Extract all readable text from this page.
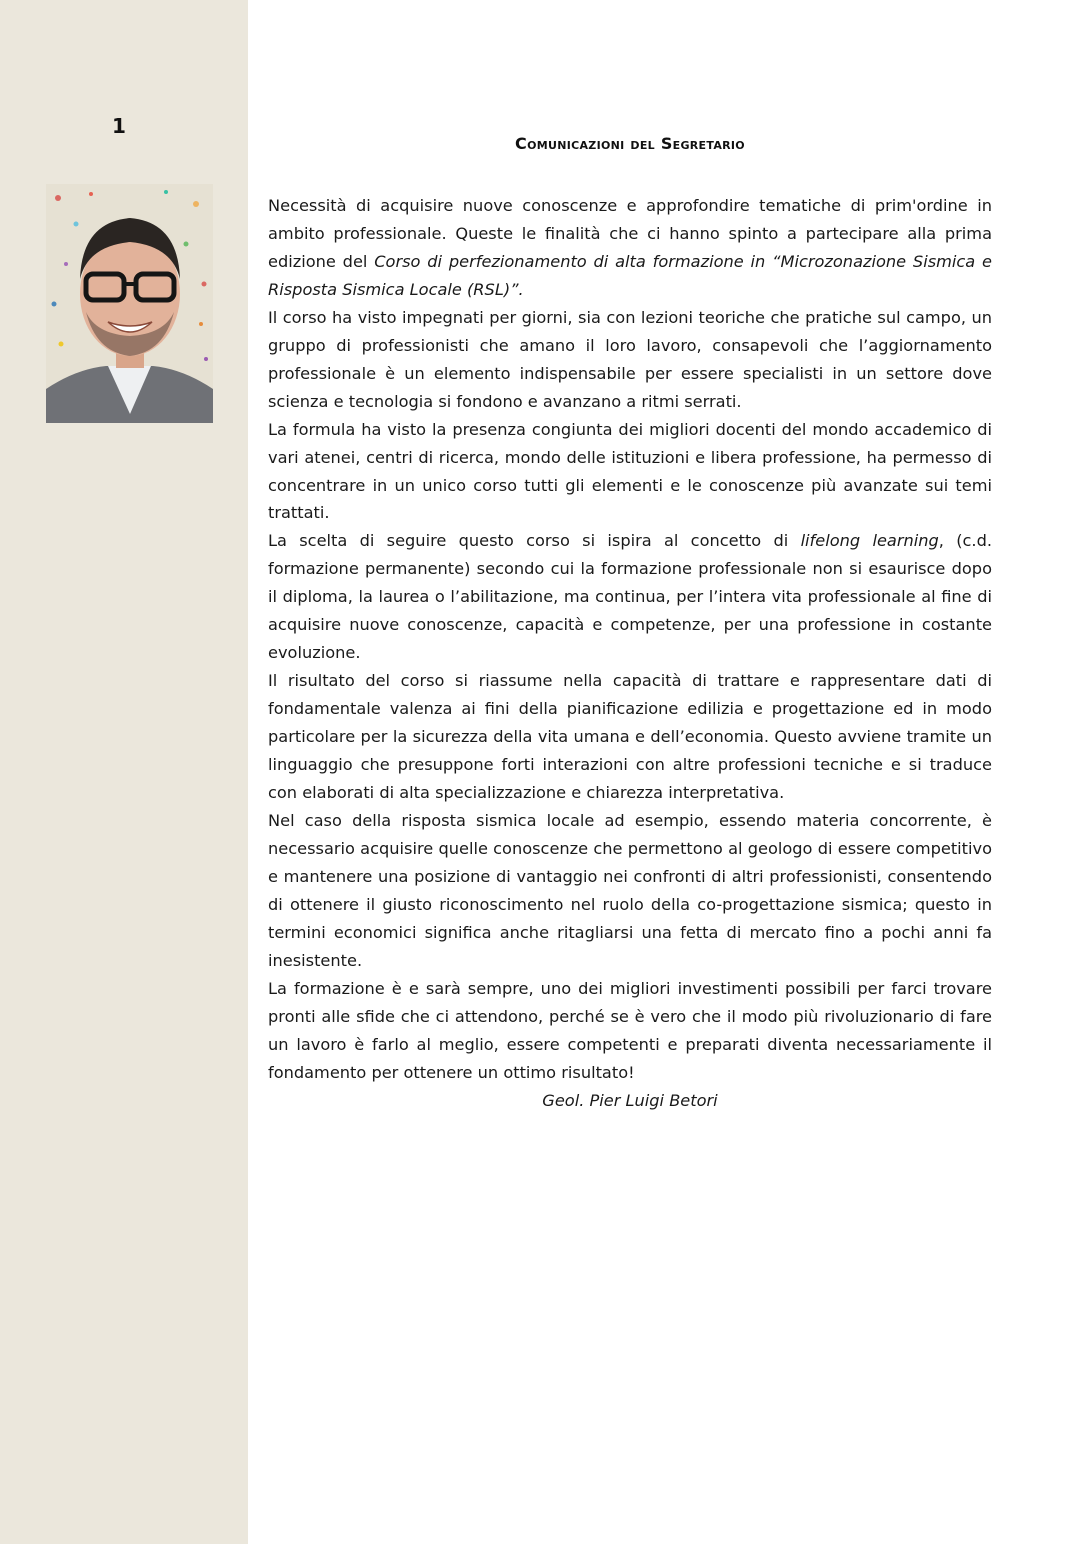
1
Comunicazioni del Segretario

Necessità di acquisire nuove conoscenze e approfondire tematiche di prim'ordine in ambito professionale. Queste le finalità che ci hanno spinto a partecipare alla prima edizione del Corso di perfezionamento di alta formazione in “Microzonazione Sismica e Risposta Sismica Locale (RSL)”.

Il corso ha visto impegnati per giorni, sia con lezioni teoriche che pratiche sul campo, un gruppo di professionisti che amano il loro lavoro, consapevoli che l’aggiornamento professionale è un elemento indispensabile per essere specialisti in un settore dove scienza e tecnologia si fondono e avanzano a ritmi serrati.

La formula ha visto la presenza congiunta dei migliori docenti del mondo accademico di vari atenei, centri di ricerca, mondo delle istituzioni e libera professione, ha permesso di concentrare in un unico corso tutti gli elementi e le conoscenze più avanzate sui temi trattati.

La scelta di seguire questo corso si ispira al concetto di lifelong learning, (c.d. formazione permanente) secondo cui la formazione professionale non si esaurisce dopo il diploma, la laurea o l’abilitazione, ma continua, per l’intera vita professionale al fine di acquisire nuove conoscenze, capacità e competenze, per una professione in costante evoluzione.

Il risultato del corso si riassume nella capacità di trattare e rappresentare dati di fondamentale valenza ai fini della pianificazione edilizia e progettazione ed in modo particolare per la sicurezza della vita umana e dell’economia. Questo avviene tramite un linguaggio che presuppone forti interazioni con altre professioni tecniche e si traduce con elaborati di alta specializzazione e chiarezza interpretativa.

Nel caso della risposta sismica locale ad esempio, essendo materia concorrente, è necessario acquisire quelle conoscenze che permettono al geologo di essere competitivo e mantenere una posizione di vantaggio nei confronti di altri professionisti, consentendo di ottenere il giusto riconoscimento nel ruolo della co-progettazione sismica; questo in termini economici significa anche ritagliarsi una fetta di mercato fino a pochi anni fa inesistente.

La formazione è e sarà sempre, uno dei migliori investimenti possibili per farci trovare pronti alle sfide che ci attendono, perché se è vero che il modo più rivoluzionario di fare un lavoro è farlo al meglio, essere competenti e preparati diventa necessariamente il fondamento per ottenere un ottimo risultato!

Geol. Pier Luigi Betori
